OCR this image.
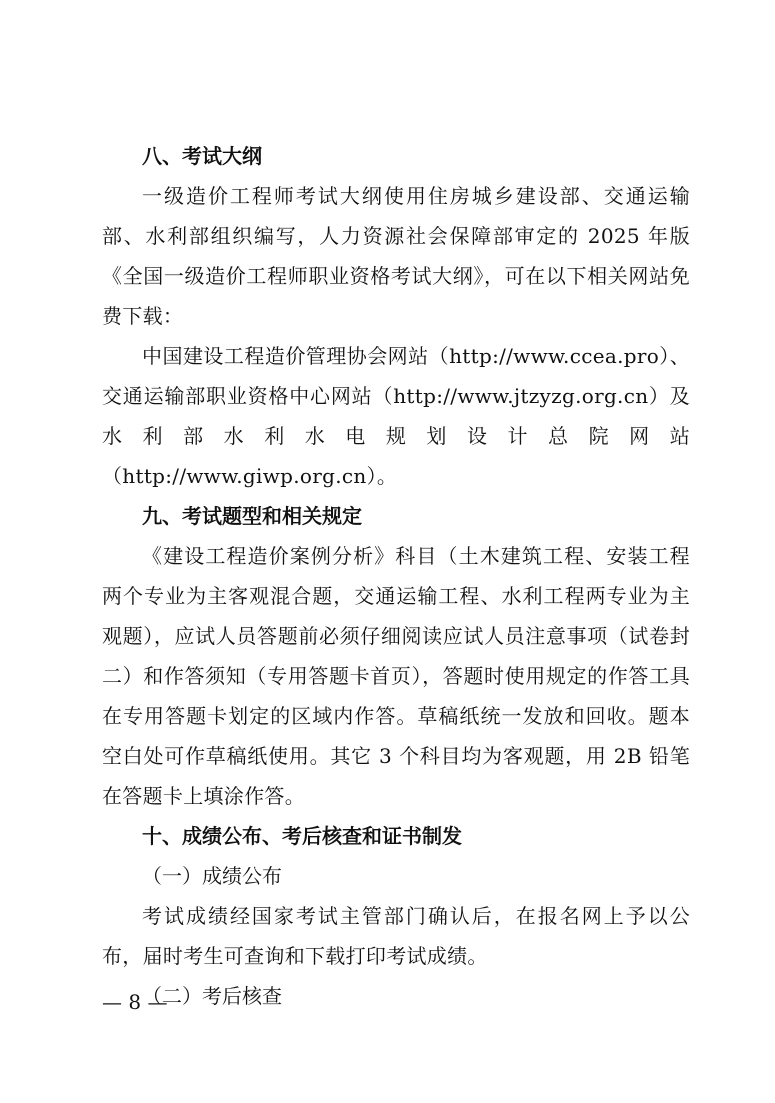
八、考试大纲

一级造价工程师考试大纲使用住房城乡建设部、交通运输部、水利部组织编写，人力资源社会保障部审定的 2025 年版《全国一级造价工程师职业资格考试大纲》，可在以下相关网站免费下载：

中国建设工程造价管理协会网站（http://www.ccea.pro）、交通运输部职业资格中心网站（http://www.jtzyzg.org.cn）及水利部水利水电规划设计总院网站（http://www.giwp.org.cn）。

九、考试题型和相关规定

《建设工程造价案例分析》科目（土木建筑工程、安装工程两个专业为主客观混合题，交通运输工程、水利工程两专业为主观题），应试人员答题前必须仔细阅读应试人员注意事项（试卷封二）和作答须知（专用答题卡首页），答题时使用规定的作答工具在专用答题卡划定的区域内作答。草稿纸统一发放和回收。题本空白处可作草稿纸使用。其它 3 个科目均为客观题，用 2B 铅笔在答题卡上填涂作答。

十、成绩公布、考后核查和证书制发

（一）成绩公布

考试成绩经国家考试主管部门确认后，在报名网上予以公布，届时考生可查询和下载打印考试成绩。

（二）考后核查

— 8 —
